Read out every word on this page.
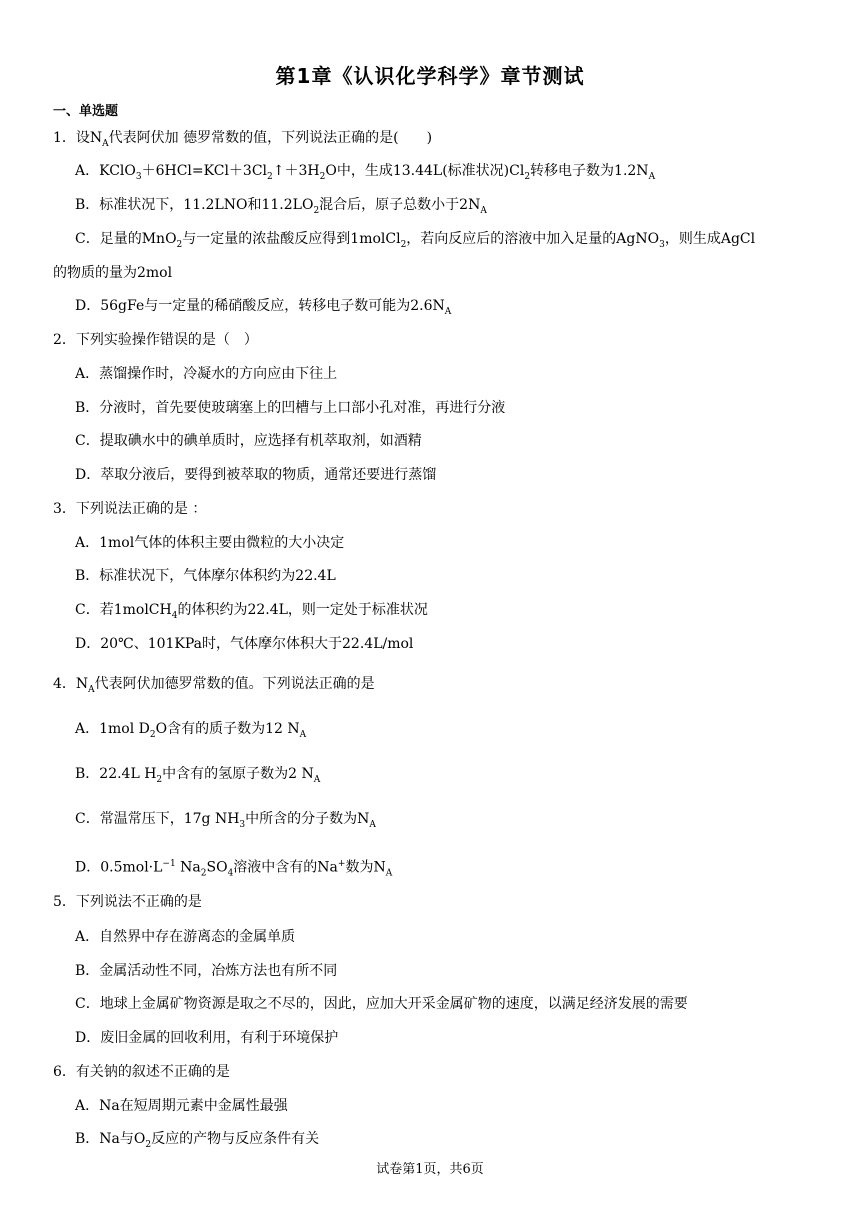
第1章《认识化学科学》章节测试
一、单选题
1．设$N_A$代表阿伏加 德罗常数的值，下列说法正确的是(　　)
A．$KClO_3+6HCl=KCl+3Cl_2↑+3H_2O$中，生成13.44L(标准状况)$Cl_2$转移电子数为$1.2N_A$
B．标准状况下，11.2LNO和$11.2LO_2$混合后，原子总数小于$2N_A$
C．足量的MnO$_2$与一定量的浓盐酸反应得到1molCl$_2$，若向反应后的溶液中加入足量的AgNO$_3$，则生成AgCl
的物质的量为2mol
D．56gFe与一定量的稀硝酸反应，转移电子数可能为$2.6N_A$
2．下列实验操作错误的是（　）
A．蒸馏操作时，冷凝水的方向应由下往上
B．分液时，首先要使玻璃塞上的凹槽与上口部小孔对准，再进行分液
C．提取碘水中的碘单质时，应选择有机萃取剂，如酒精
D．萃取分液后，要得到被萃取的物质，通常还要进行蒸馏
3．下列说法正确的是 ：
A．1mol气体的体积主要由微粒的大小决定
B．标准状况下，气体摩尔体积约为22.4L
C．若1molCH$_4$的体积约为22.4L，则一定处于标准状况
D．20℃、101KPa时，气体摩尔体积大于22.4L/mol
4．$N_A$代表阿伏加德罗常数的值。下列说法正确的是
A．1mol $D_2O$含有的质子数为12 $N_A$
B．22.4L $H_2$中含有的氢原子数为2 $N_A$
C．常温常压下，17g $NH_3$中所含的分子数为$N_A$
D．$0.5mol\cdot L^{-1}$ $Na_2SO_4$溶液中含有的Na+数为$N_A$
5．下列说法不正确的是
A．自然界中存在游离态的金属单质
B．金属活动性不同，冶炼方法也有所不同
C．地球上金属矿物资源是取之不尽的，因此，应加大开采金属矿物的速度，以满足经济发展的需要
D．废旧金属的回收利用，有利于环境保护
6．有关钠的叙述不正确的是
A．Na在短周期元素中金属性最强
B．Na与$O_2$反应的产物与反应条件有关
试卷第1页，共6页
